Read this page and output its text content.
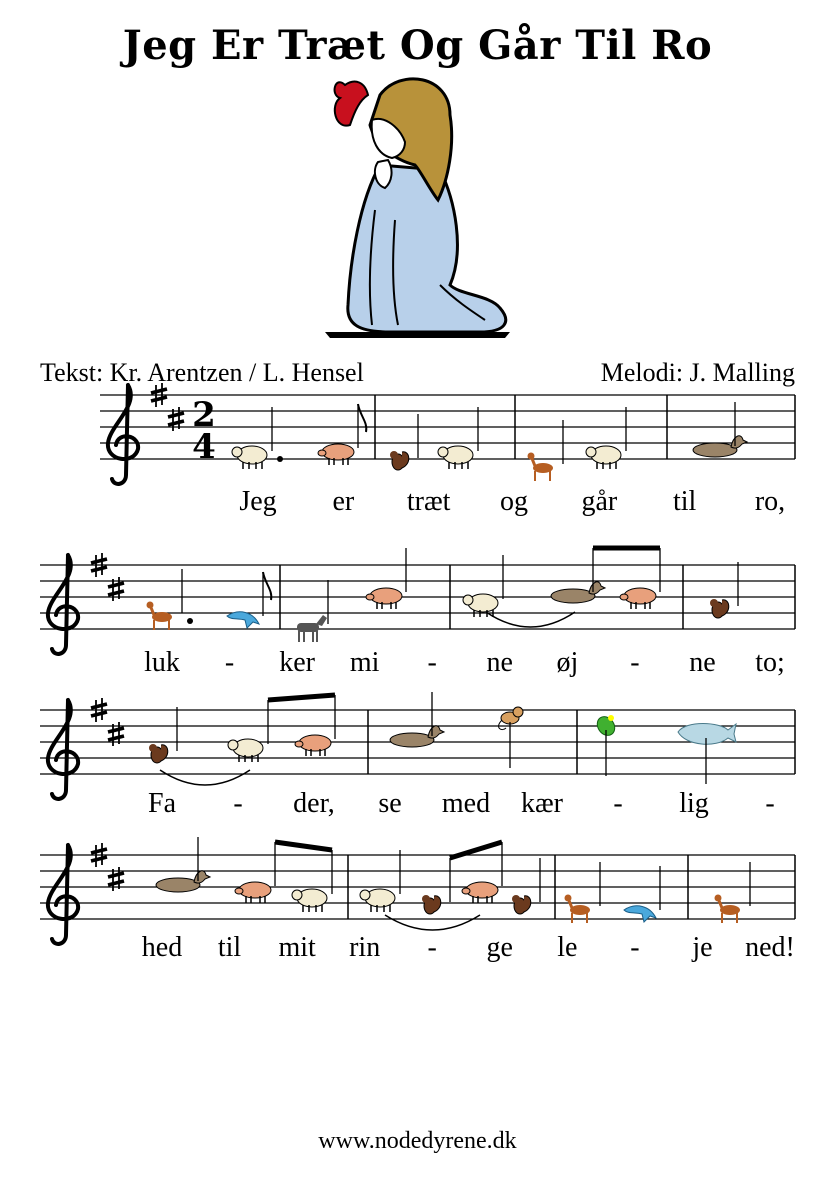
Jeg Er Træt Og Går Til Ro
Tekst: Kr. Arentzen / L. Hensel	Melodi: J. Malling
2
4
Jeg er træt og går til ro,
luk - ker mi - ne øj - ne to;
Fa - der, se med kær - lig -
hed til mit rin - ge le - je ned!
www.nodedyrene.dk
